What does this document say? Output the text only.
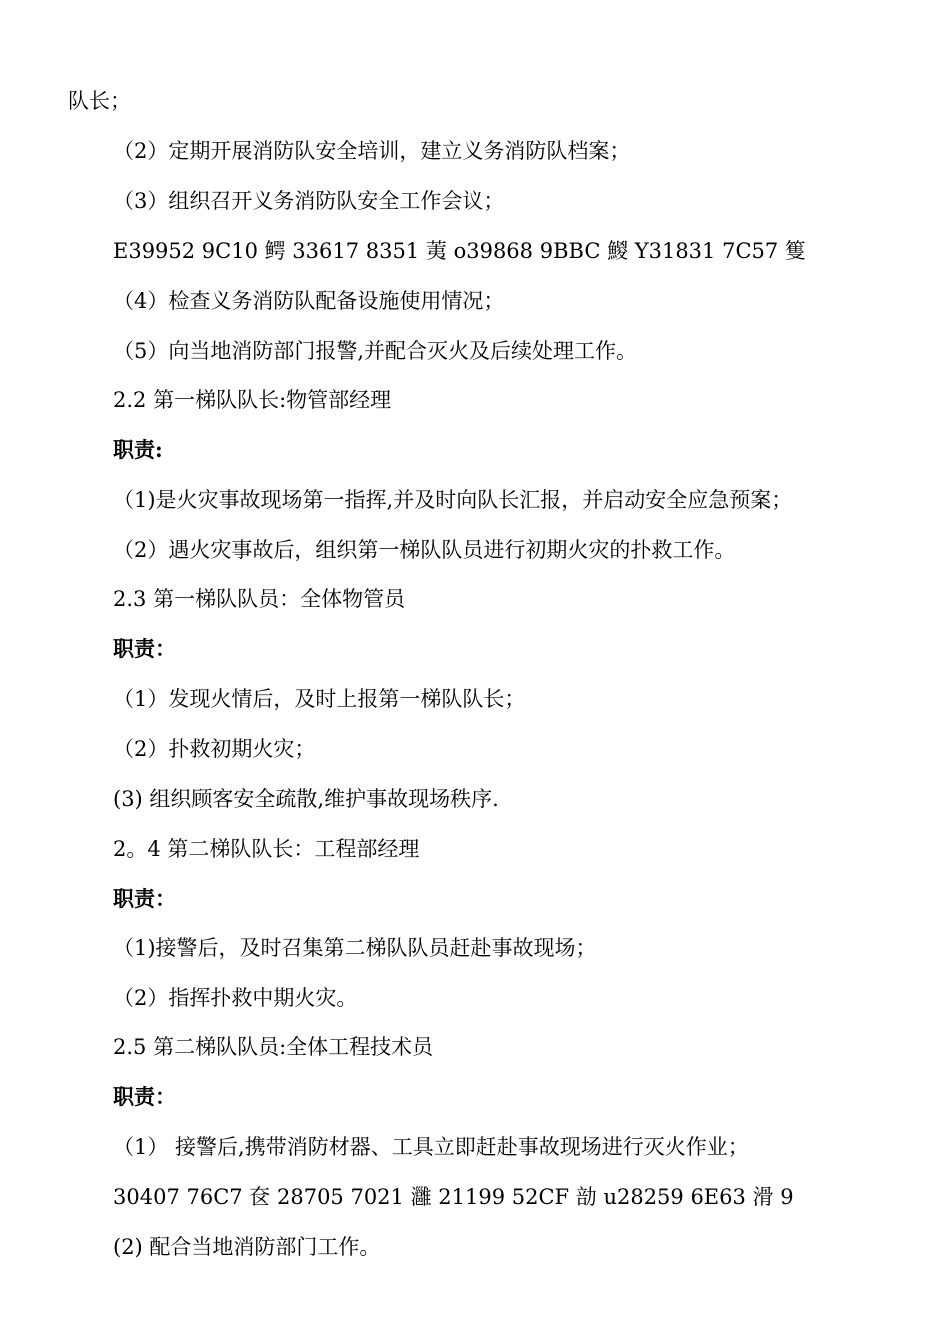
队长；
（2）定期开展消防队安全培训，建立义务消防队档案；
（3）组织召开义务消防队安全工作会议；
E39952 9C10 鳄 33617 8351 荑 o39868 9BBC 鯼 Y31831 7C57 篗
（4）检查义务消防队配备设施使用情况；
（5）向当地消防部门报警,并配合灭火及后续处理工作。
2.2 第一梯队队长:物管部经理
职责:
（1)是火灾事故现场第一指挥,并及时向队长汇报，并启动安全应急预案；
（2）遇火灾事故后，组织第一梯队队员进行初期火灾的扑救工作。
2.3 第一梯队队员：全体物管员
职责：
（1）发现火情后，及时上报第一梯队队长；
（2）扑救初期火灾；
(3) 组织顾客安全疏散,维护事故现场秩序.
2。4 第二梯队队长：工程部经理
职责：
（1)接警后，及时召集第二梯队队员赶赴事故现场；
（2）指挥扑救中期火灾。
2.5 第二梯队队员:全体工程技术员
职责：
（1） 接警后,携带消防材器、工具立即赶赴事故现场进行灭火作业；
30407 76C7 奁 28705 7021 灉 21199 52CF 勏 u28259 6E63 滑 9
(2) 配合当地消防部门工作。
